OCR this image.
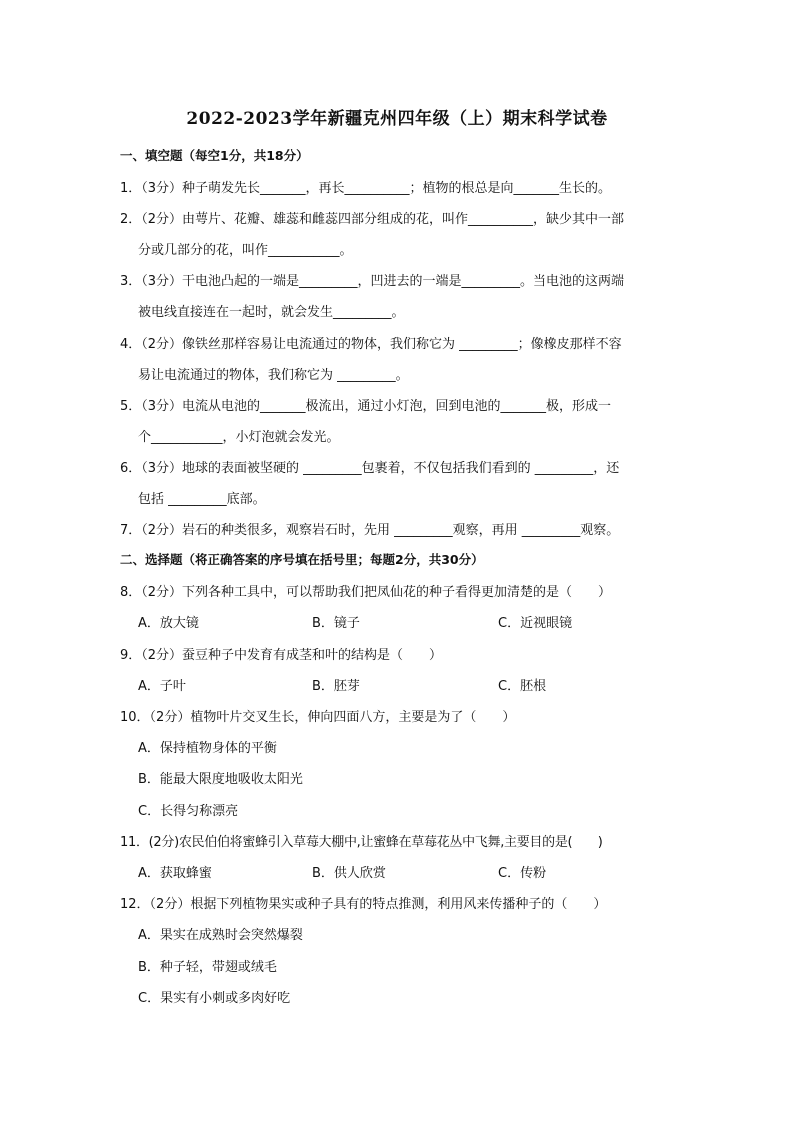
2022-2023学年新疆克州四年级（上）期末科学试卷
一、填空题（每空1分，共18分）
1．（3分）种子萌发先长_______，再长__________；植物的根总是向_______生长的。
2．（2分）由萼片、花瓣、雄蕊和雌蕊四部分组成的花，叫作__________，缺少其中一部
分或几部分的花，叫作___________。
3．（3分）干电池凸起的一端是_________，凹进去的一端是_________。当电池的这两端
被电线直接连在一起时，就会发生_________。
4．（2分）像铁丝那样容易让电流通过的物体，我们称它为 _________；像橡皮那样不容
易让电流通过的物体，我们称它为 _________。
5．（3分）电流从电池的_______极流出，通过小灯泡，回到电池的_______极，形成一
个___________，小灯泡就会发光。
6．（3分）地球的表面被坚硬的 _________包裹着，不仅包括我们看到的 _________，还
包括 _________底部。
7．（2分）岩石的种类很多，观察岩石时，先用 _________观察，再用 _________观察。
二、选择题（将正确答案的序号填在括号里；每题2分，共30分）
8．（2分）下列各种工具中，可以帮助我们把凤仙花的种子看得更加清楚的是（　　）
A．放大镜	B．镜子	C．近视眼镜
9．（2分）蚕豆种子中发育有成茎和叶的结构是（　　）
A．子叶	B．胚芽	C．胚根
10．（2分）植物叶片交叉生长，伸向四面八方，主要是为了（　　）
A．保持植物身体的平衡
B．能最大限度地吸收太阳光
C．长得匀称漂亮
11．(2分)农民伯伯将蜜蜂引入草莓大棚中,让蜜蜂在草莓花丛中飞舞,主要目的是(　　)
A．获取蜂蜜	B．供人欣赏	C．传粉
12．（2分）根据下列植物果实或种子具有的特点推测，利用风来传播种子的（　　）
A．果实在成熟时会突然爆裂
B．种子轻，带翅或绒毛
C．果实有小刺或多肉好吃
